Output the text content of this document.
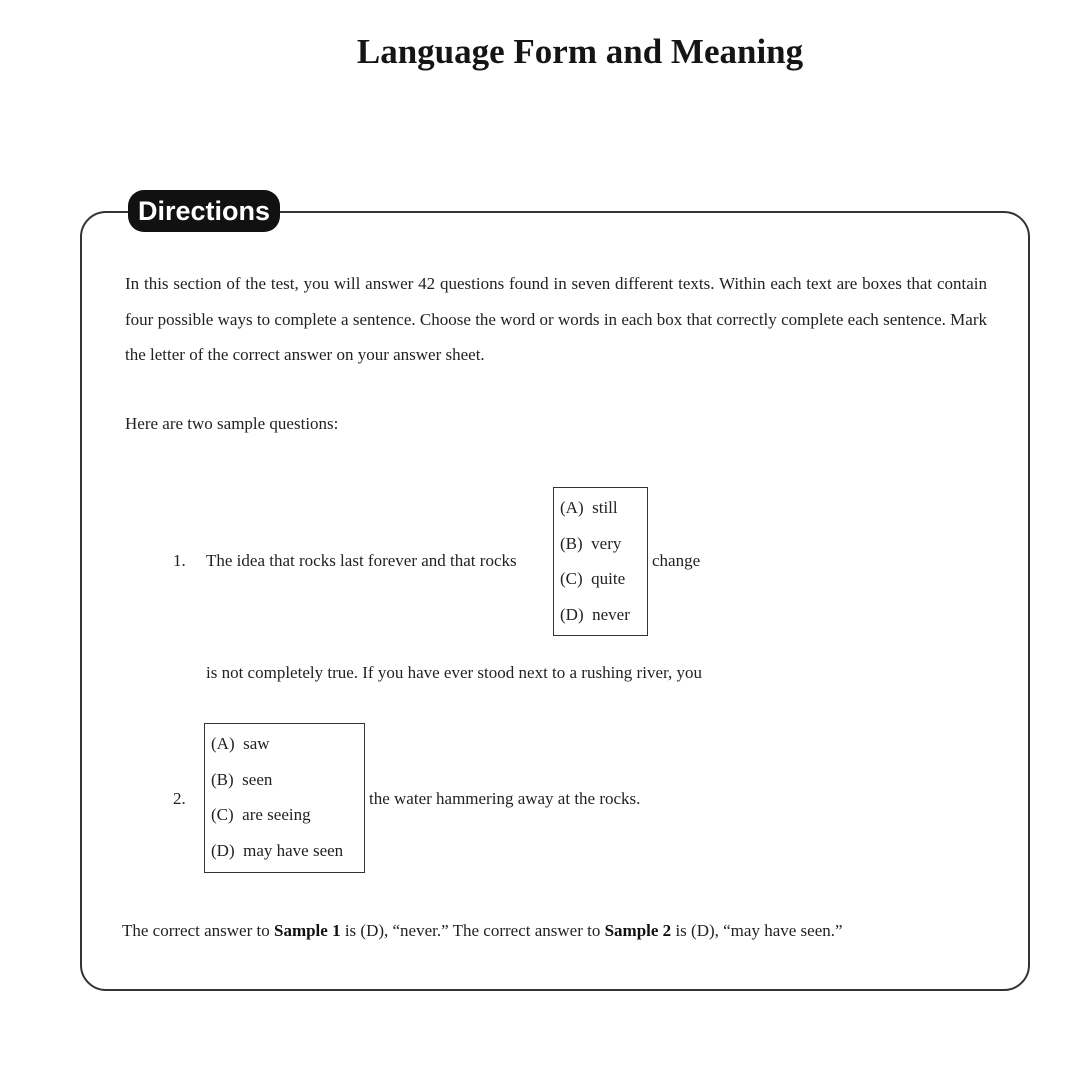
Language Form and Meaning
Directions
In this section of the test, you will answer 42 questions found in seven different texts. Within each text are boxes that contain four possible ways to complete a sentence. Choose the word or words in each box that correctly complete each sentence. Mark the letter of the correct answer on your answer sheet.
Here are two sample questions:
1. The idea that rocks last forever and that rocks
(A) still
(B) very
(C) quite
(D) never
change
is not completely true. If you have ever stood next to a rushing river, you
2.
(A) saw
(B) seen
(C) are seeing
(D) may have seen
the water hammering away at the rocks.
The correct answer to Sample 1 is (D), “never.” The correct answer to Sample 2 is (D), “may have seen.”
